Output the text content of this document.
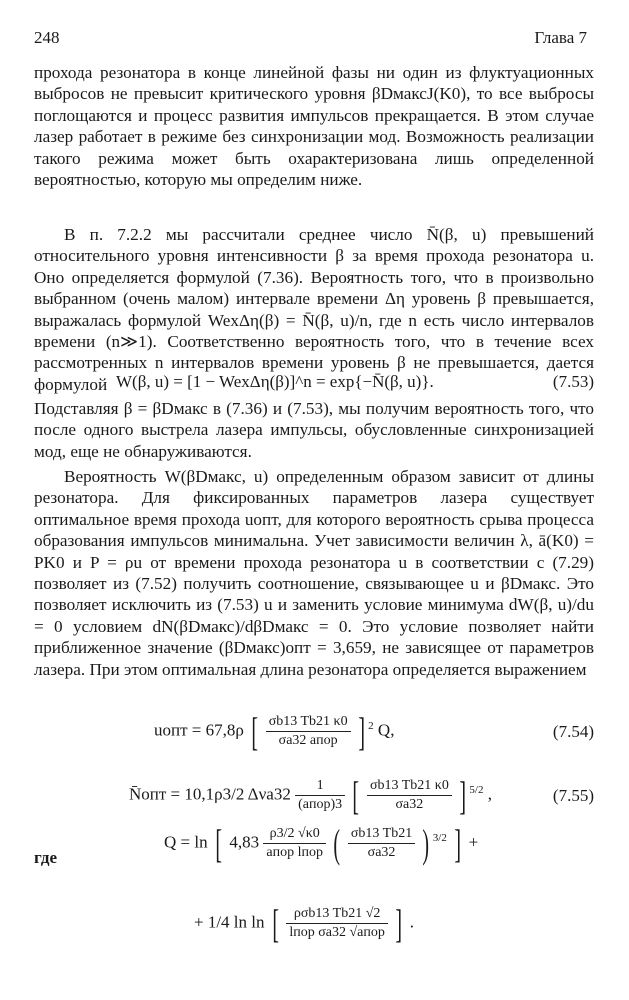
248	Глава 7

прохода резонатора в конце линейной фазы ни один из флуктуационных выбросов не превысит критического уровня βDмаксJ(K0), то все выбросы поглощаются и процесс развития импульсов прекращается. В этом случае лазер работает в режиме без синхронизации мод. Возможность реализации такого режима может быть охарактеризована лишь определенной вероятностью, которую мы определим ниже.

В п. 7.2.2 мы рассчитали среднее число N̄(β, u) превышений относительного уровня интенсивности β за время прохода резонатора u. Оно определяется формулой (7.36). Вероятность того, что в произвольно выбранном (очень малом) интервале времени Δη уровень β превышается, выражалась формулой WexΔη(β) = N̄(β, u)/n, где n есть число интервалов времени (n≫1). Соответственно вероятность того, что в течение всех рассмотренных n интервалов времени уровень β не превышается, дается формулой W(β, u) = [1 − WexΔη(β)]^n = exp{−N̄(β, u)}.	(7.53)

Подставляя β = βDмакс в (7.36) и (7.53), мы получим вероятность того, что после одного выстрела лазера импульсы, обусловленные синхронизацией мод, еще не обнаруживаются.

Вероятность W(βDмакс, u) определенным образом зависит от длины резонатора. Для фиксированных параметров лазера существует оптимальное время прохода uопт, для которого вероятность срыва процесса образования импульсов минимальна. Учет зависимости величин λ, ā(K0) = PK0 и P = ρu от времени прохода резонатора u в соответствии с (7.29) позволяет из (7.52) получить соотношение, связывающее u и βDмакс. Это позволяет исключить из (7.53) u и заменить условие минимума dW(β, u)/du = 0 условием dN(βDмакс)/dβDмакс = 0. Это условие позволяет найти приближенное значение (βDмакс)опт = 3,659, не зависящее от параметров лазера. При этом оптимальная длина резонатора определяется выражением

uопт = 67,8ρ [ $\frac{\sigma b13 Tb21 \kappa 0}{\text{σa32 aпор}}$ ] $^2$ Q,	(7.54)
N̄опт = 10,1ρ3/2 $\Delta\nu a32 \frac{1}{\text{(aпор)3}}$ [ $\frac{\sigma b13 Tb21 \kappa 0}{\sigma a32}$ ] $^{5/2}$ ,	(7.55)
где
Q = ln [ $4,83 \frac{\rho 3/2 √\kappa 0}{\text{aпор lпор}}$ ( $\frac{\sigma b13 Tb21}{\sigma a32}$ ) $^{3/2}$ ] +
+ 1/4 ln ln [ $\frac{\text{ρσb13 Tb21 √2}}{\text{lпор σa32 √aпор}}$ ] .
